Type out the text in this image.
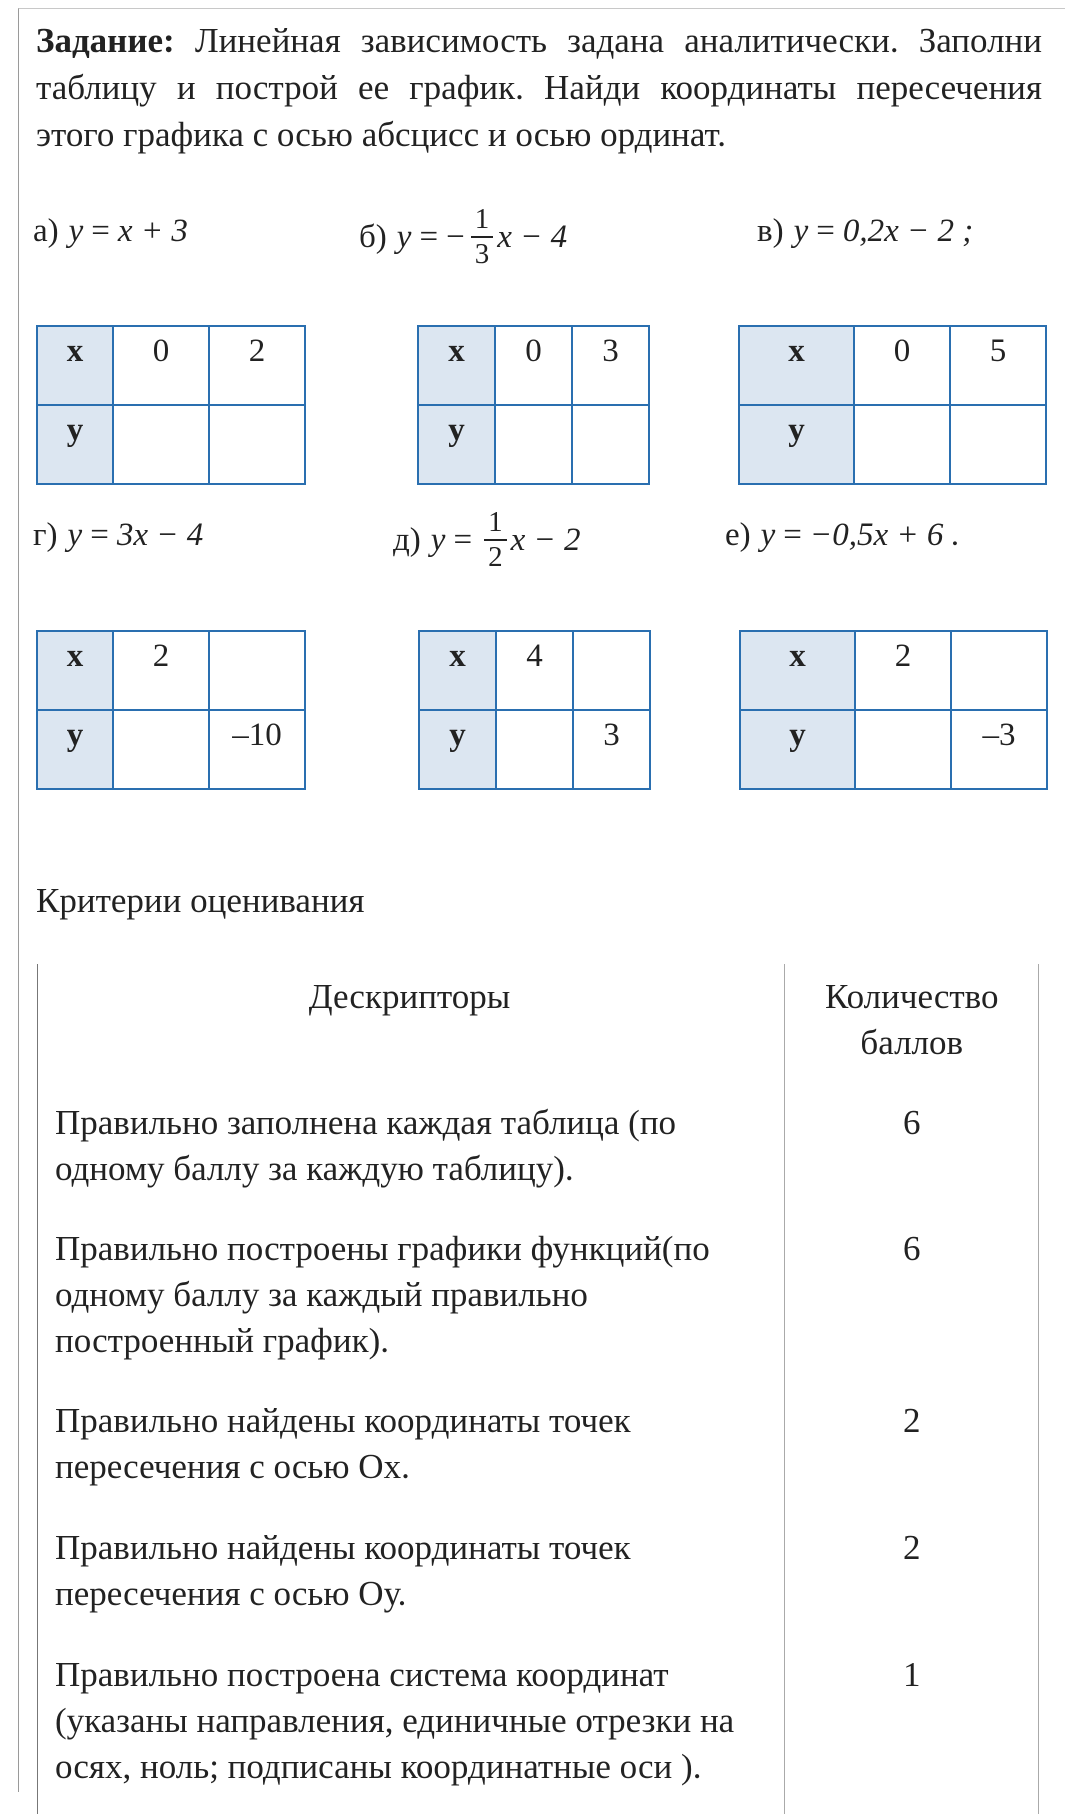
Задание: Линейная зависимость задана аналитически. Заполни таблицу и построй ее график. Найди координаты пересечения этого графика с осью абсцисс и осью ординат.
а) y = x + 3	б) y = − $\frac{1}{3}$ x − 4	в) y = 0,2x − 2 ;
x	0	2
y		
x	0	3
y		
x	0	5
y		
г) y = 3x − 4	д) $y = \frac{1}{2}$ x − 2	е) y = −0,5x + 6 .
x	2	
y		–10
x	4	
y		3
x	2	
y		–3
Критерии оценивания
Дескрипторы	Количество баллов
Правильно заполнена каждая таблица (по одному баллу за каждую таблицу).	6
Правильно построены графики функций(по одному баллу за каждый правильно построенный график).	6
Правильно найдены координаты точек пересечения с осью Ох.	2
Правильно найдены координаты точек пересечения с осью Оу.	2
Правильно построена система координат (указаны направления, единичные отрезки на осях, ноль; подписаны координатные оси ).	1
